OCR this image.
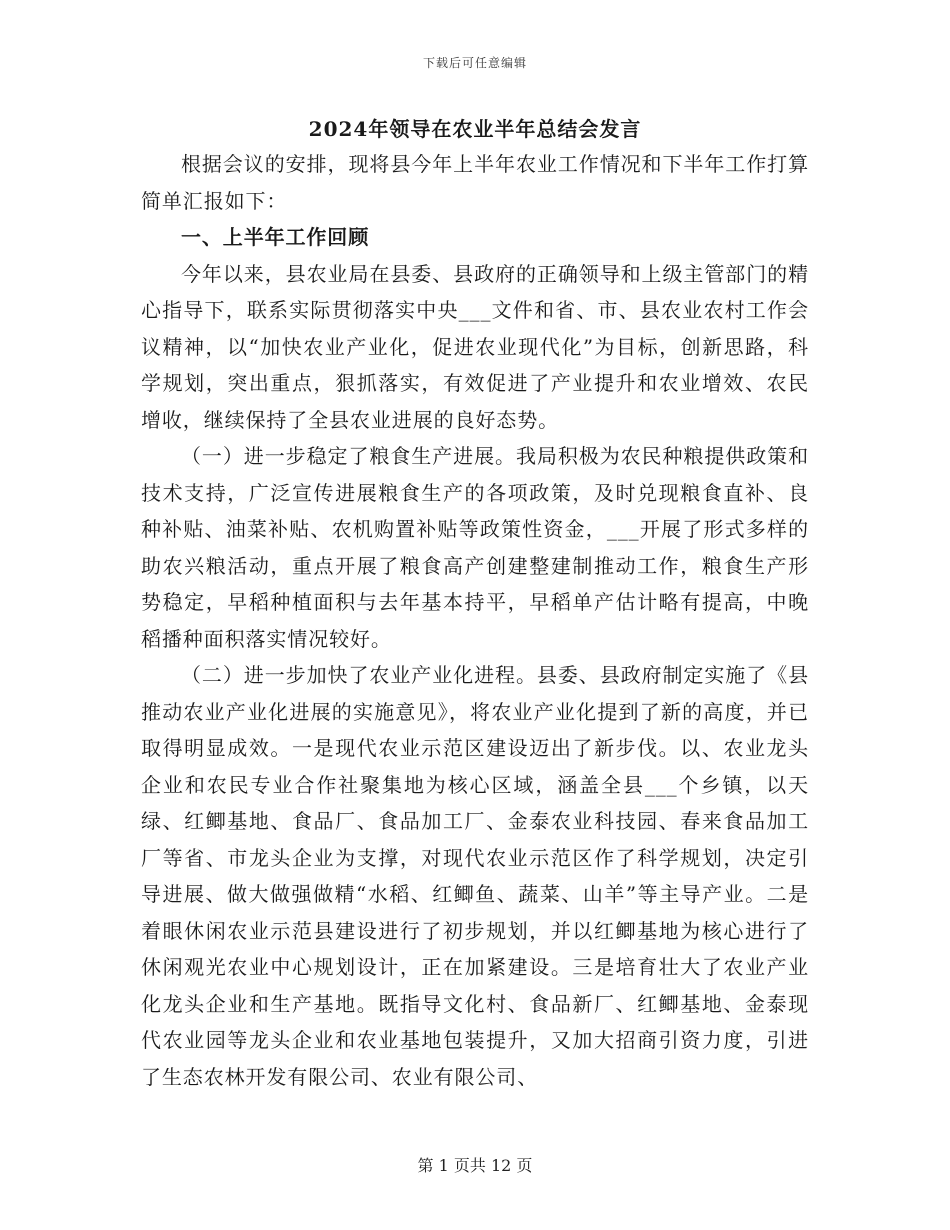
下载后可任意编辑
2024年领导在农业半年总结会发言

根据会议的安排，现将县今年上半年农业工作情况和下半年工作打算简单汇报如下：

一、上半年工作回顾

今年以来，县农业局在县委、县政府的正确领导和上级主管部门的精心指导下，联系实际贯彻落实中央___文件和省、市、县农业农村工作会议精神，以“加快农业产业化，促进农业现代化”为目标，创新思路，科学规划，突出重点，狠抓落实，有效促进了产业提升和农业增效、农民增收，继续保持了全县农业进展的良好态势。

（一）进一步稳定了粮食生产进展。我局积极为农民种粮提供政策和技术支持，广泛宣传进展粮食生产的各项政策，及时兑现粮食直补、良种补贴、油菜补贴、农机购置补贴等政策性资金，___开展了形式多样的助农兴粮活动，重点开展了粮食高产创建整建制推动工作，粮食生产形势稳定，早稻种植面积与去年基本持平，早稻单产估计略有提高，中晚稻播种面积落实情况较好。

（二）进一步加快了农业产业化进程。县委、县政府制定实施了《县推动农业产业化进展的实施意见》，将农业产业化提到了新的高度，并已取得明显成效。一是现代农业示范区建设迈出了新步伐。以、农业龙头企业和农民专业合作社聚集地为核心区域，涵盖全县___个乡镇，以天绿、红鲫基地、食品厂、食品加工厂、金泰农业科技园、春来食品加工厂等省、市龙头企业为支撑，对现代农业示范区作了科学规划，决定引导进展、做大做强做精“水稻、红鲫鱼、蔬菜、山羊”等主导产业。二是着眼休闲农业示范县建设进行了初步规划，并以红鲫基地为核心进行了休闲观光农业中心规划设计，正在加紧建设。三是培育壮大了农业产业化龙头企业和生产基地。既指导文化村、食品新厂、红鲫基地、金泰现代农业园等龙头企业和农业基地包装提升，又加大招商引资力度，引进了生态农林开发有限公司、农业有限公司、

第 1 页共 12 页
